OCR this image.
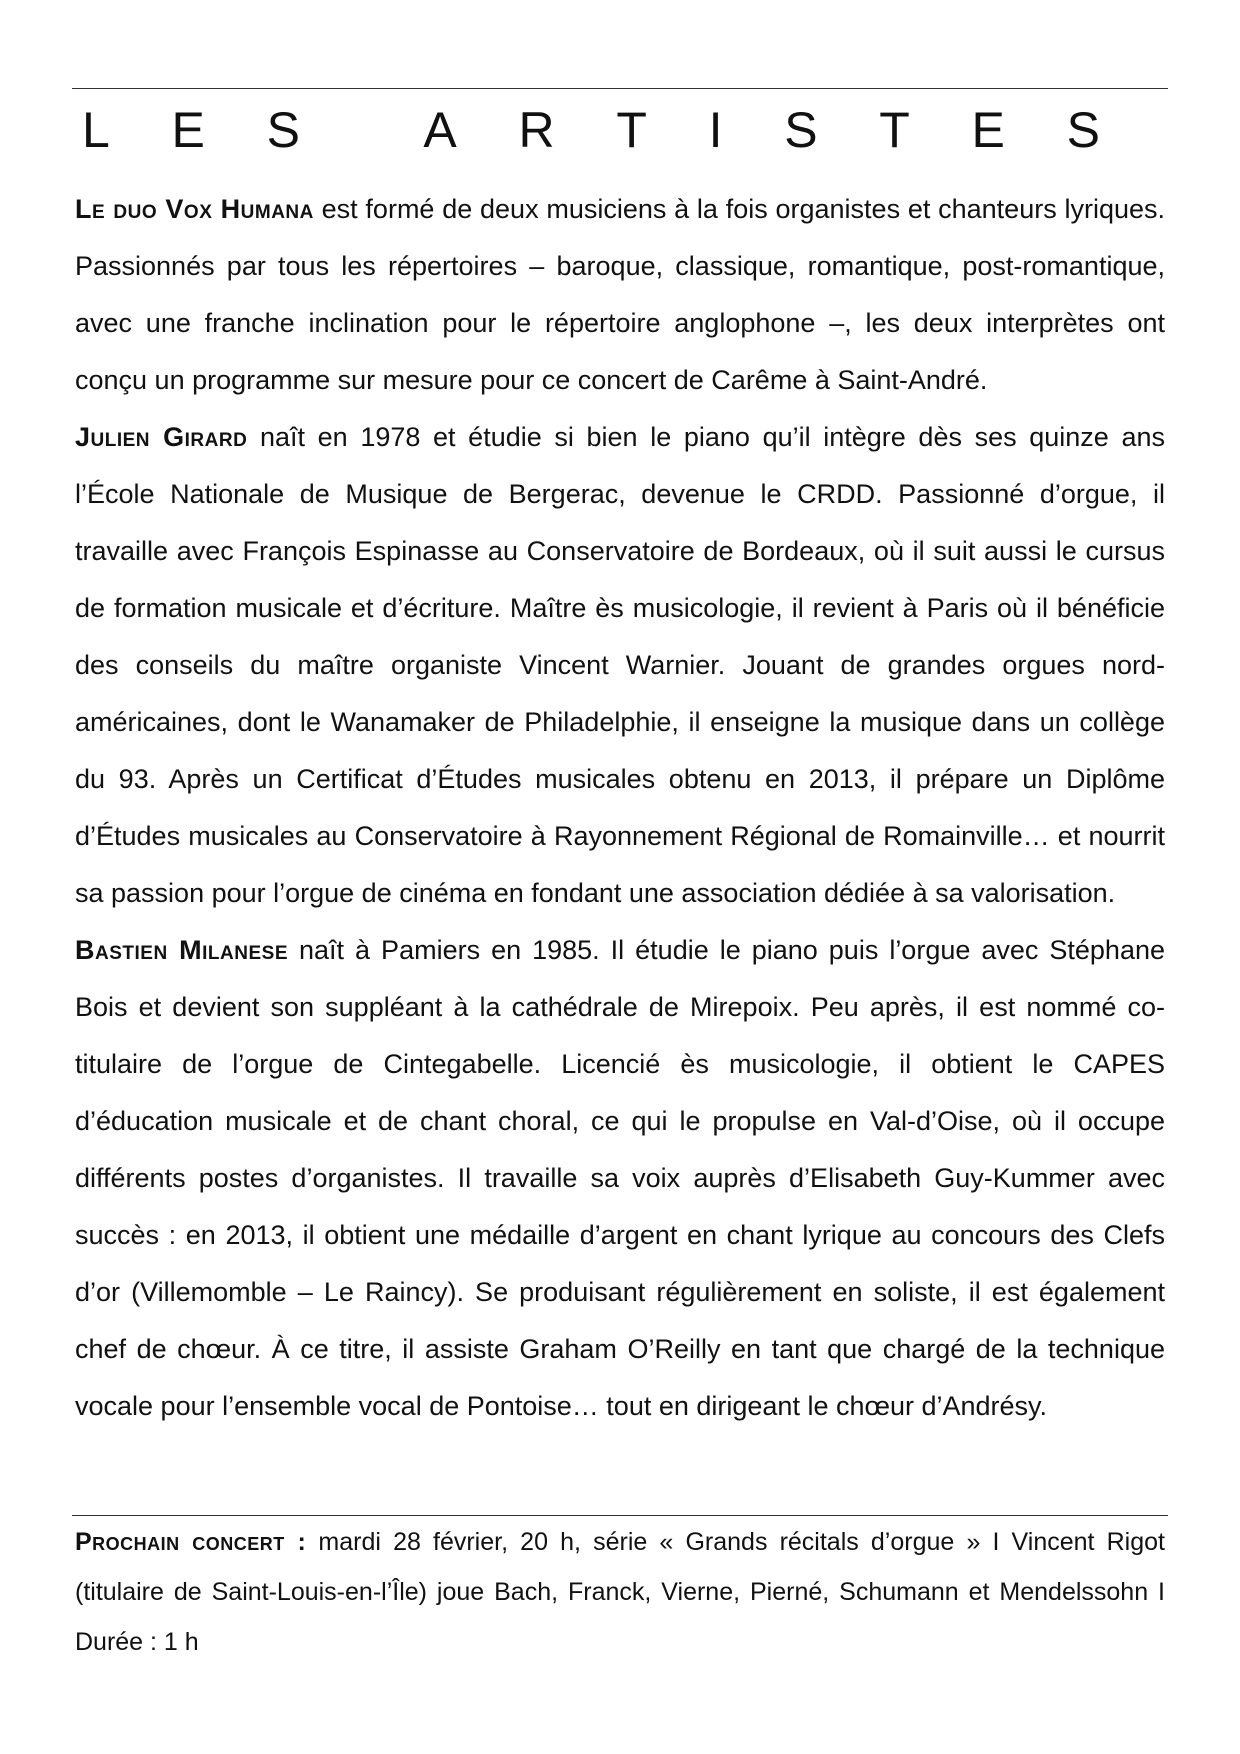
L E S A R T I S T E S

Le duo Vox Humana est formé de deux musiciens à la fois organistes et chanteurs lyriques. Passionnés par tous les répertoires – baroque, classique, romantique, post-romantique, avec une franche inclination pour le répertoire anglophone –, les deux interprètes ont conçu un programme sur mesure pour ce concert de Carême à Saint-André.

Julien Girard naît en 1978 et étudie si bien le piano qu’il intègre dès ses quinze ans l’École Nationale de Musique de Bergerac, devenue le CRDD. Passionné d’orgue, il travaille avec François Espinasse au Conservatoire de Bordeaux, où il suit aussi le cursus de formation musicale et d’écriture. Maître ès musicologie, il revient à Paris où il bénéficie des conseils du maître organiste Vincent Warnier. Jouant de grandes orgues nord-américaines, dont le Wanamaker de Philadelphie, il enseigne la musique dans un collège du 93. Après un Certificat d’Études musicales obtenu en 2013, il prépare un Diplôme d’Études musicales au Conservatoire à Rayonnement Régional de Romainville… et nourrit sa passion pour l’orgue de cinéma en fondant une association dédiée à sa valorisation.

Bastien Milanese naît à Pamiers en 1985. Il étudie le piano puis l’orgue avec Stéphane Bois et devient son suppléant à la cathédrale de Mirepoix. Peu après, il est nommé co-titulaire de l’orgue de Cintegabelle. Licencié ès musicologie, il obtient le CAPES d’éducation musicale et de chant choral, ce qui le propulse en Val-d’Oise, où il occupe différents postes d’organistes. Il travaille sa voix auprès d’Elisabeth Guy-Kummer avec succès : en 2013, il obtient une médaille d’argent en chant lyrique au concours des Clefs d’or (Villemomble – Le Raincy). Se produisant régulièrement en soliste, il est également chef de chœur. À ce titre, il assiste Graham O’Reilly en tant que chargé de la technique vocale pour l’ensemble vocal de Pontoise… tout en dirigeant le chœur d’Andrésy.

Prochain concert : mardi 28 février, 20 h, série « Grands récitals d’orgue » I Vincent Rigot (titulaire de Saint-Louis-en-l’Île) joue Bach, Franck, Vierne, Pierné, Schumann et Mendelssohn I Durée : 1 h
